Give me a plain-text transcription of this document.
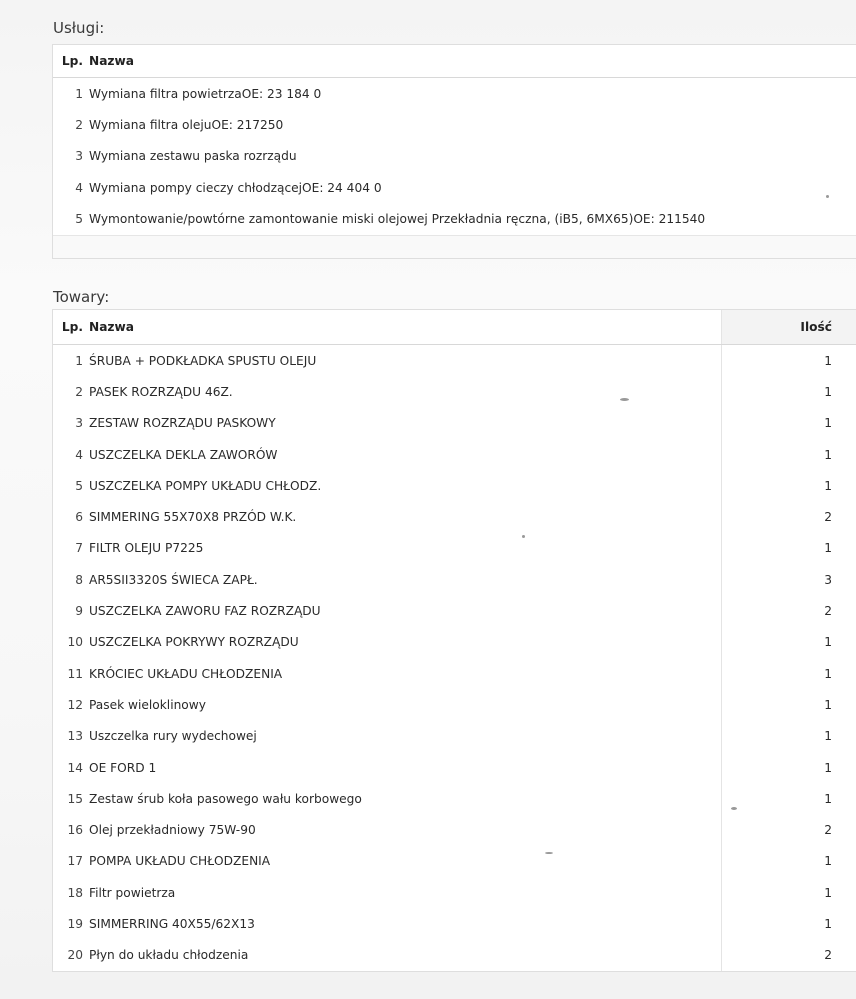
Usługi:
Lp.	Nazwa
1	Wymiana filtra powietrzaOE: 23 184 0
2	Wymiana filtra olejuOE: 217250
3	Wymiana zestawu paska rozrządu
4	Wymiana pompy cieczy chłodzącejOE: 24 404 0
5	Wymontowanie/powtórne zamontowanie miski olejowej Przekładnia ręczna, (iB5, 6MX65)OE: 211540
Towary:
Lp.	Nazwa	Ilość
1	ŚRUBA + PODKŁADKA SPUSTU OLEJU	1
2	PASEK ROZRZĄDU 46Z.	1
3	ZESTAW ROZRZĄDU PASKOWY	1
4	USZCZELKA DEKLA ZAWORÓW	1
5	USZCZELKA POMPY UKŁADU CHŁODZ.	1
6	SIMMERING 55X70X8 PRZÓD W.K.	2
7	FILTR OLEJU P7225	1
8	AR5SII3320S ŚWIECA ZAPŁ.	3
9	USZCZELKA ZAWORU FAZ ROZRZĄDU	2
10	USZCZELKA POKRYWY ROZRZĄDU	1
11	KRÓCIEC UKŁADU CHŁODZENIA	1
12	Pasek wieloklinowy	1
13	Uszczelka rury wydechowej	1
14	OE FORD 1	1
15	Zestaw śrub koła pasowego wału korbowego	1
16	Olej przekładniowy 75W-90	2
17	POMPA UKŁADU CHŁODZENIA	1
18	Filtr powietrza	1
19	SIMMERRING 40X55/62X13	1
20	Płyn do układu chłodzenia	2
